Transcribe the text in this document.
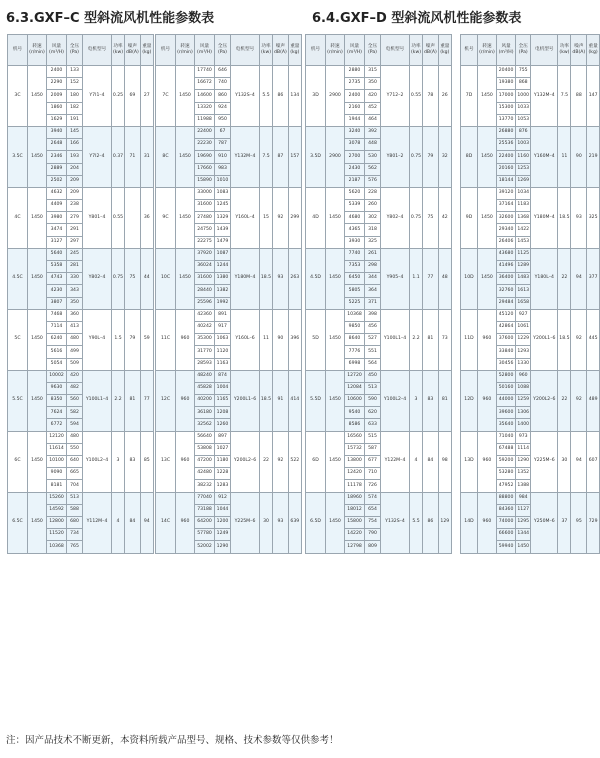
6.3.GXF–C 型斜流风机性能参数表	6.4.GXF–D 型斜流风机性能参数表
机号	转速 (r/min)	风量 (m³/H)	全压 (Pa)	电机型号	功率 (kw)	噪声 dB(A)	重量 (kg)

3C	1450	2400	133	Y7I1–4	0.25	69	27
		2290	152				
		2009	180				
		1860	182				
		1629	191				
3.5C	1450	3940	145	Y7I2–4	0.37	71	31
		2648	166				
		2346	193				
		2889	204				
		2502	209				
4C	1450	4632	209	Y801–4	0.55		36
		4409	238				
		3980	279				
		3474	291				
		3127	297				
4.5C	1450	5640	245	Y802–4	0.75	75	44
		5358	281				
		4743	330				
		4230	343				
		3807	350				
5C	1450	7468	360	Y90L–4	1.5	79	59
		7114	413				
		6240	480				
		5616	499				
		5054	509				
5.5C	1450	10002	420	Y100L1–4	2.2	81	77
		9630	482				
		8350	560				
		7624	582				
		6772	594				
6C	1450	12120	480	Y100L2–4	3	83	85
		11614	550				
		10100	640				
		9090	665				
		8181	704				
6.5C	1450	15260	513	Y112M–4	4	84	94
		14592	588				
		12800	680				
		11520	734				
		10368	765				
机号	转速 (r/min)	风量 (m³/H)	全压 (Pa)	电机型号	功率 (kw)	噪声 dB(A)	重量 (kg)

7C	1450	17740	646	Y132S–4	5.5	86	134
		16672	740				
		14600	860				
		13320	924				
		11988	950				
8C	1450	22400	67	Y132M–4	7.5	87	157
		22230	787				
		19690	910				
		17660	983				
		15890	1010				
9C	1450	33000	1083	Y160L–4	15	92	299
		31600	1245				
		27480	1329				
		24750	1439				
		22275	1479				
10C	1450	37920	1087	Y180M–4	18.5	93	263
		36024	1244				
		31600	1380				
		28440	1382				
		25596	1992				
11C	960	42360	891	Y160L–6	11	90	396
		40242	917				
		35300	1063				
		31770	1120				
		28593	1163				
12C	960	48240	874	Y200L1–6	18.5	91	414
		45828	1004				
		40200	1165				
		36180	1208				
		32562	1260				
13C	960	56640	897	Y200L2–6	22	92	522
		53808	1027				
		47200	1180				
		42480	1228				
		38232	1283				
14C	960	77040	912	Y225M–6	30	93	639
		73188	1044				
		64200	1200				
		57780	1249				
		52002	1290				
机号	转速 (r/min)	风量 (m³/H)	全压 (Pa)	电机型号	功率 (kw)	噪声 dB(A)	重量 (kg)

3D	2900	2880	315	Y712–2	0.55	78	26
		2735	350				
		2400	420				
		2160	452				
		1944	464				
3.5D	2900	3240	392	Y801–2	0.75	79	32
		3078	448				
		2700	530				
		2430	562				
		2187	576				
4D	1450	5620	228	Y802–4	0.75	75	42
		5339	260				
		4680	302				
		4365	318				
		3930	325				
4.5D	1450	7740	261	Y905–4	1.1	77	48
		7353	298				
		6450	344				
		5805	364				
		5225	371				
5D	1450	10368	398	Y100L1–4	2.2	81	73
		9850	456				
		8640	527				
		7776	551				
		6998	564				
5.5D	1450	12720	450	Y100L2–4	3	83	81
		12084	513				
		10600	590				
		9540	620				
		8586	633				
6D	1450	16560	515	Y122M–4	4	84	98
		15732	587				
		13800	677				
		12420	710				
		11178	726				
6.5D	1450	18960	574	Y132S–4	5.5	86	129
		18012	654				
		15800	754				
		14220	790				
		12798	809				
机号	转速 (r/min)	风量 (m³/H)	全压 (Pa)	电机型号	功率 (kw)	噪声 dB(A)	重量 (kg)

7D	1450	20400	755	Y132M–4	7.5	88	147
		19380	868				
		17000	1000				
		15300	1033				
		13770	1053				
8D	1450	26880	876	Y160M–4	11	90	219
		25536	1003				
		22400	1160				
		20160	1253				
		18144	1269				
9D	1450	39120	1034	Y180M–4	18.5	93	325
		37164	1183				
		32600	1368				
		29340	1422				
		26406	1453				
10D	1450	43680	1125	Y180L–4	22	94	377
		41496	1289				
		36400	1483				
		32760	1613				
		29484	1658				
11D	960	45120	927	Y200L1–6	18.5	92	445
		42864	1061				
		37600	1229				
		33840	1293				
		30456	1330				
12D	960	52800	960	Y200L2–6	22	92	489
		50160	1088				
		44000	1259				
		39600	1306				
		35640	1400				
13D	960	71040	973	Y225M–6	30	94	607
		67488	1114				
		59200	1290				
		53280	1352				
		47952	1388				
14D	960	88800	984	Y250M–6	37	95	729
		84360	1127				
		74000	1295				
		66600	1344				
		59940	1450				
注：因产品技术不断更新，本资料所载产品型号、规格、技术参数等仅供参考！
